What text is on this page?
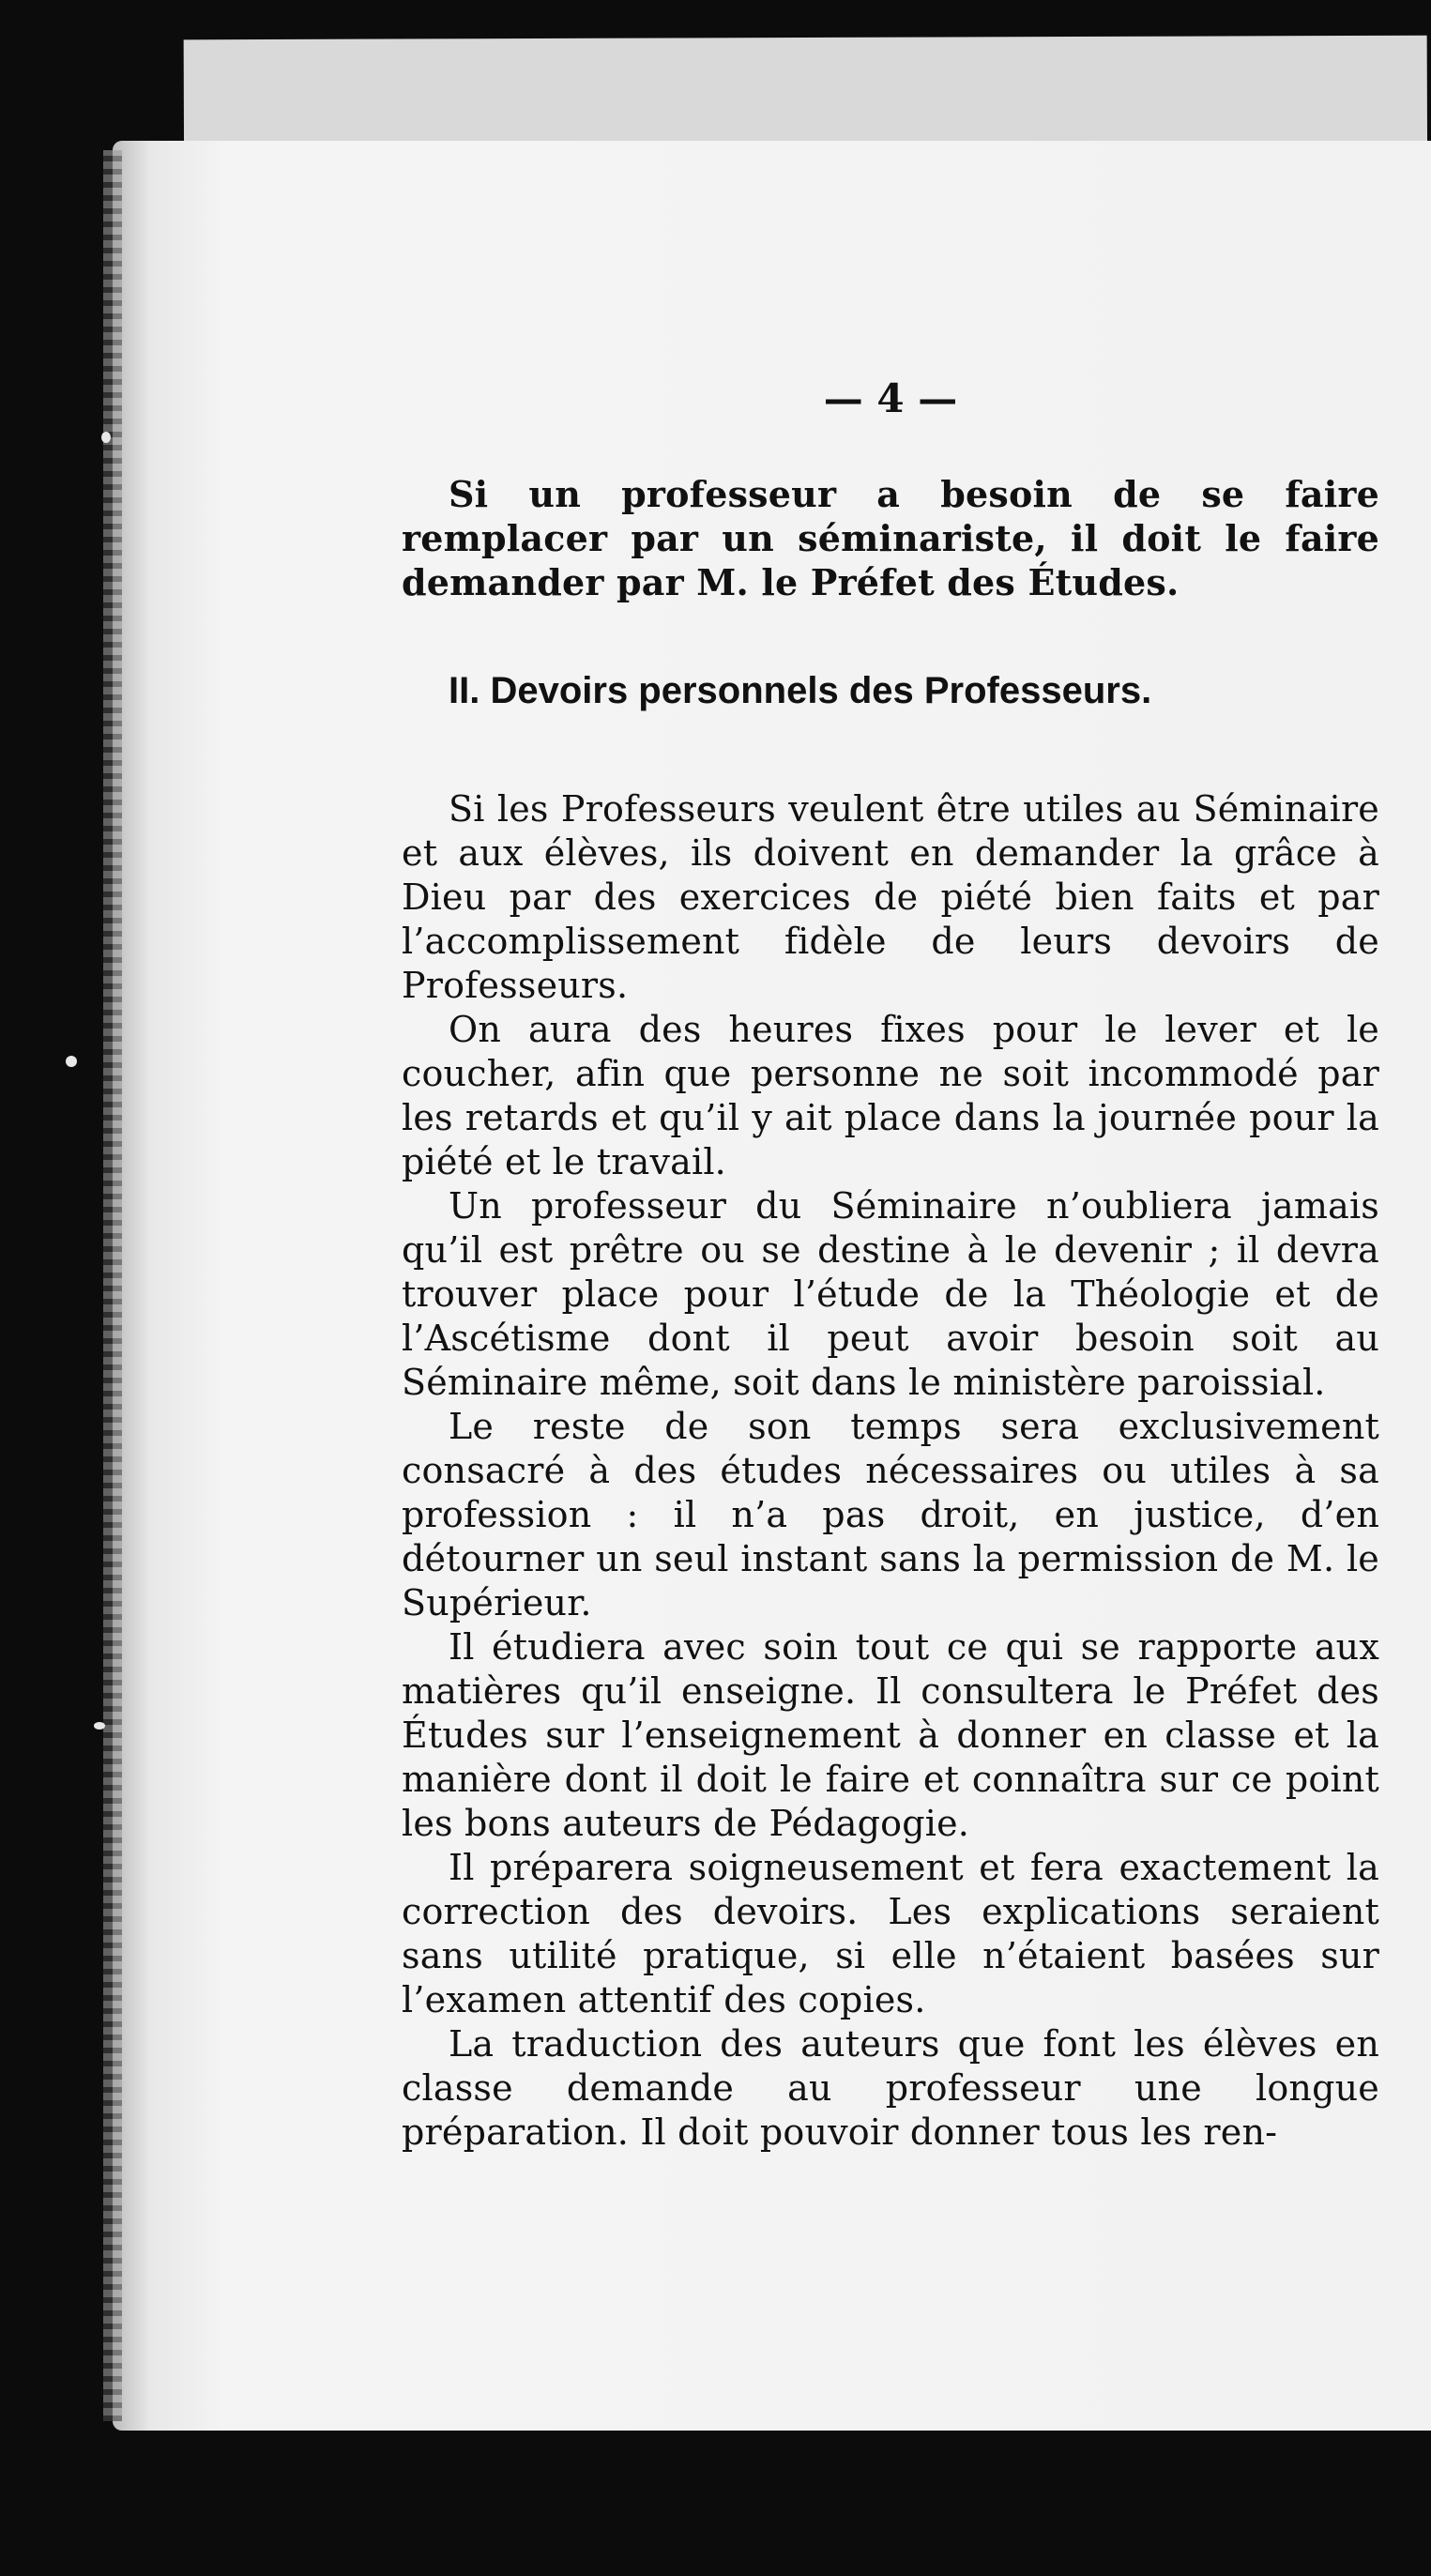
— 4 —

Si un professeur a besoin de se faire remplacer par un séminariste, il doit le faire demander par M. le Préfet des Études.

II. Devoirs personnels des Professeurs.

Si les Professeurs veulent être utiles au Séminaire et aux élèves, ils doivent en demander la grâce à Dieu par des exercices de piété bien faits et par l’accomplissement fidèle de leurs devoirs de Professeurs.

On aura des heures fixes pour le lever et le coucher, afin que personne ne soit incommodé par les retards et qu’il y ait place dans la journée pour la piété et le travail.

Un professeur du Séminaire n’oubliera jamais qu’il est prêtre ou se destine à le devenir ; il devra trouver place pour l’étude de la Théologie et de l’Ascétisme dont il peut avoir besoin soit au Séminaire même, soit dans le ministère paroissial.

Le reste de son temps sera exclusivement consacré à des études nécessaires ou utiles à sa profession : il n’a pas droit, en justice, d’en détourner un seul instant sans la permission de M. le Supérieur.

Il étudiera avec soin tout ce qui se rapporte aux matières qu’il enseigne. Il consultera le Préfet des Études sur l’enseignement à donner en classe et la manière dont il doit le faire et connaîtra sur ce point les bons auteurs de Pédagogie.

Il préparera soigneusement et fera exactement la correction des devoirs. Les explications seraient sans utilité pratique, si elle n’étaient basées sur l’examen attentif des copies.

La traduction des auteurs que font les élèves en classe demande au professeur une longue préparation. Il doit pouvoir donner tous les ren-
